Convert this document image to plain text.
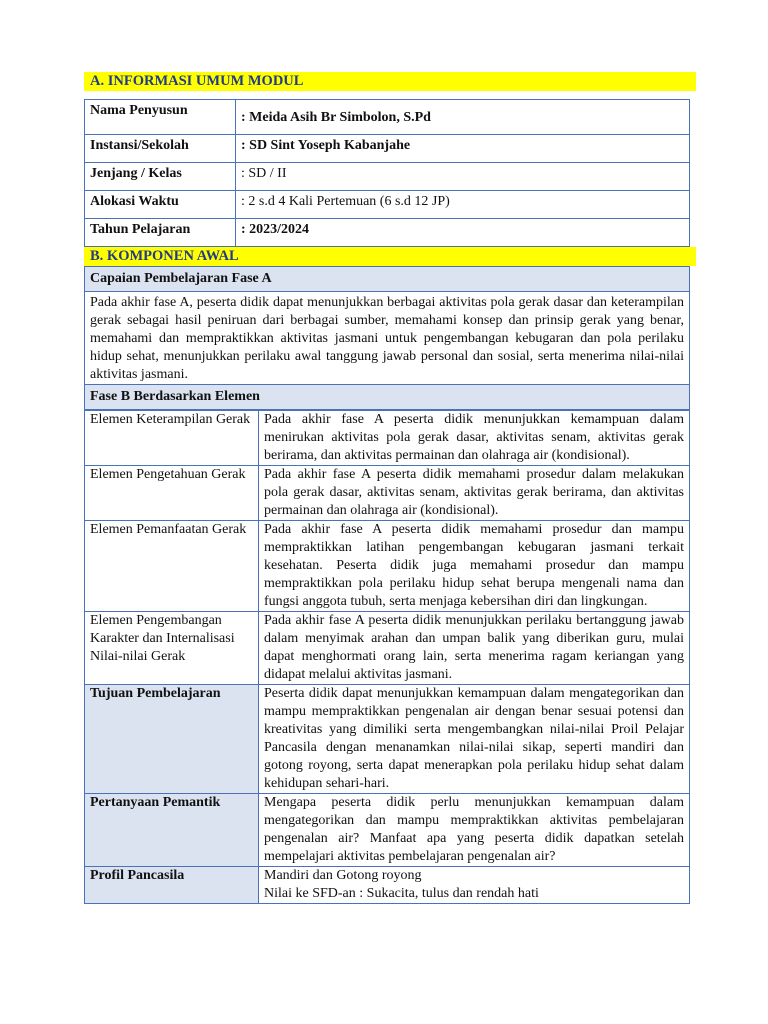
A. INFORMASI UMUM MODUL
Nama Penyusun	: Meida Asih Br Simbolon, S.Pd
Instansi/Sekolah	: SD Sint Yoseph Kabanjahe
Jenjang / Kelas	: SD / II
Alokasi Waktu	: 2 s.d 4 Kali Pertemuan (6 s.d 12 JP)
Tahun Pelajaran	: 2023/2024
B. KOMPONEN AWAL
Capaian Pembelajaran Fase A
Pada akhir fase A, peserta didik dapat menunjukkan berbagai aktivitas pola gerak dasar dan keterampilan gerak sebagai hasil peniruan dari berbagai sumber, memahami konsep dan prinsip gerak yang benar, memahami dan mempraktikkan aktivitas jasmani untuk pengembangan kebugaran dan pola perilaku hidup sehat, menunjukkan perilaku awal tanggung jawab personal dan sosial, serta menerima nilai-nilai aktivitas jasmani.
Fase B Berdasarkan Elemen
Elemen Keterampilan Gerak	Pada akhir fase A peserta didik menunjukkan kemampuan dalam menirukan aktivitas pola gerak dasar, aktivitas senam, aktivitas gerak berirama, dan aktivitas permainan dan olahraga air (kondisional).
Elemen Pengetahuan Gerak	Pada akhir fase A peserta didik memahami prosedur dalam melakukan pola gerak dasar, aktivitas senam, aktivitas gerak berirama, dan aktivitas permainan dan olahraga air (kondisional).
Elemen Pemanfaatan Gerak	Pada akhir fase A peserta didik memahami prosedur dan mampu mempraktikkan latihan pengembangan kebugaran jasmani terkait kesehatan. Peserta didik juga memahami prosedur dan mampu mempraktikkan pola perilaku hidup sehat berupa mengenali nama dan fungsi anggota tubuh, serta menjaga kebersihan diri dan lingkungan.
Elemen Pengembangan Karakter dan Internalisasi Nilai-nilai Gerak	Pada akhir fase A peserta didik menunjukkan perilaku bertanggung jawab dalam menyimak arahan dan umpan balik yang diberikan guru, mulai dapat menghormati orang lain, serta menerima ragam keriangan yang didapat melalui aktivitas jasmani.
Tujuan Pembelajaran	Peserta didik dapat menunjukkan kemampuan dalam mengategorikan dan mampu mempraktikkan pengenalan air dengan benar sesuai potensi dan kreativitas yang dimiliki serta mengembangkan nilai-nilai Proil Pelajar Pancasila dengan menanamkan nilai-nilai sikap, seperti mandiri dan gotong royong, serta dapat menerapkan pola perilaku hidup sehat dalam kehidupan sehari-hari.
Pertanyaan Pemantik	Mengapa peserta didik perlu menunjukkan kemampuan dalam mengategorikan dan mampu mempraktikkan aktivitas pembelajaran pengenalan air? Manfaat apa yang peserta didik dapatkan setelah mempelajari aktivitas pembelajaran pengenalan air?
Profil Pancasila	Mandiri dan Gotong royong
Nilai ke SFD-an : Sukacita, tulus dan rendah hati
